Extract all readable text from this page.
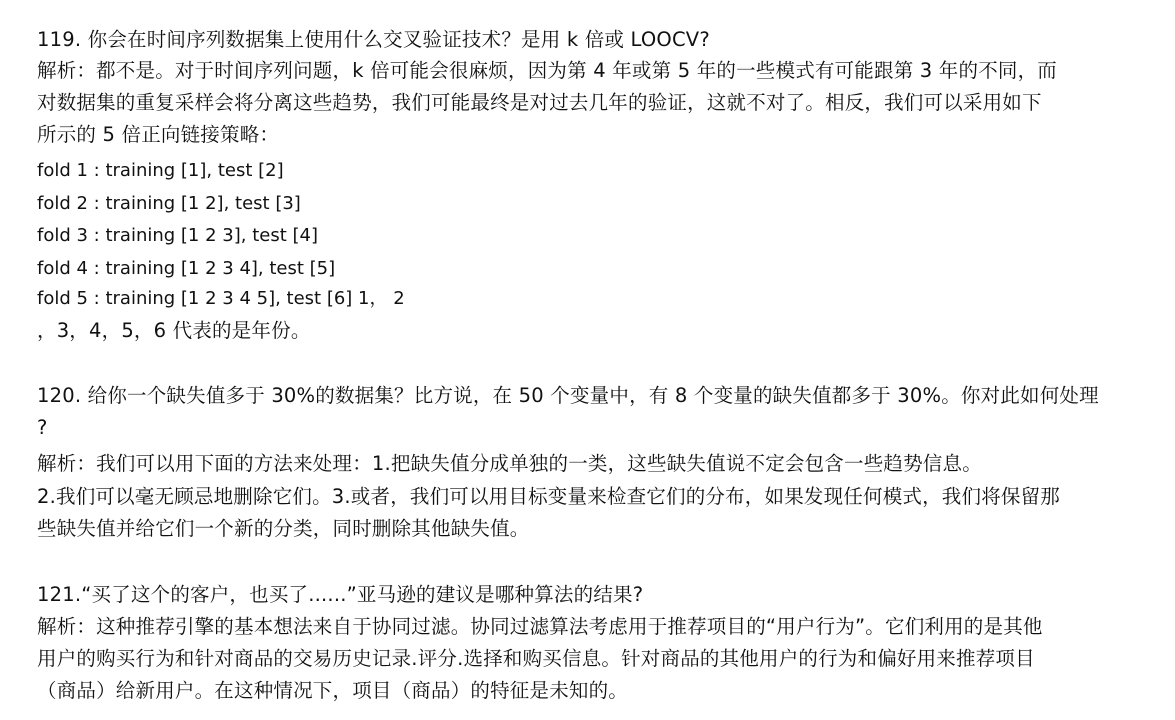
119. 你会在时间序列数据集上使用什么交叉验证技术？是用 k 倍或 LOOCV?
解析：都不是。对于时间序列问题，k 倍可能会很麻烦，因为第 4 年或第 5 年的一些模式有可能跟第 3 年的不同，而
对数据集的重复采样会将分离这些趋势，我们可能最终是对过去几年的验证，这就不对了。相反，我们可以采用如下
所示的 5 倍正向链接策略：
fold 1 : training [1], test [2]
fold 2 : training [1 2], test [3]
fold 3 : training [1 2 3], test [4]
fold 4 : training [1 2 3 4], test [5]
fold 5 : training [1 2 3 4 5], test [6] 1， 2
，3，4，5，6 代表的是年份。
120. 给你一个缺失值多于 30%的数据集？比方说，在 50 个变量中，有 8 个变量的缺失值都多于 30%。你对此如何处理
?
解析：我们可以用下面的方法来处理：1.把缺失值分成单独的一类，这些缺失值说不定会包含一些趋势信息。
2.我们可以毫无顾忌地删除它们。3.或者，我们可以用目标变量来检查它们的分布，如果发现任何模式，我们将保留那
些缺失值并给它们一个新的分类，同时删除其他缺失值。
121.“买了这个的客户，也买了......”亚马逊的建议是哪种算法的结果?
解析：这种推荐引擎的基本想法来自于协同过滤。协同过滤算法考虑用于推荐项目的“用户行为”。它们利用的是其他
用户的购买行为和针对商品的交易历史记录.评分.选择和购买信息。针对商品的其他用户的行为和偏好用来推荐项目
（商品）给新用户。在这种情况下，项目（商品）的特征是未知的。
